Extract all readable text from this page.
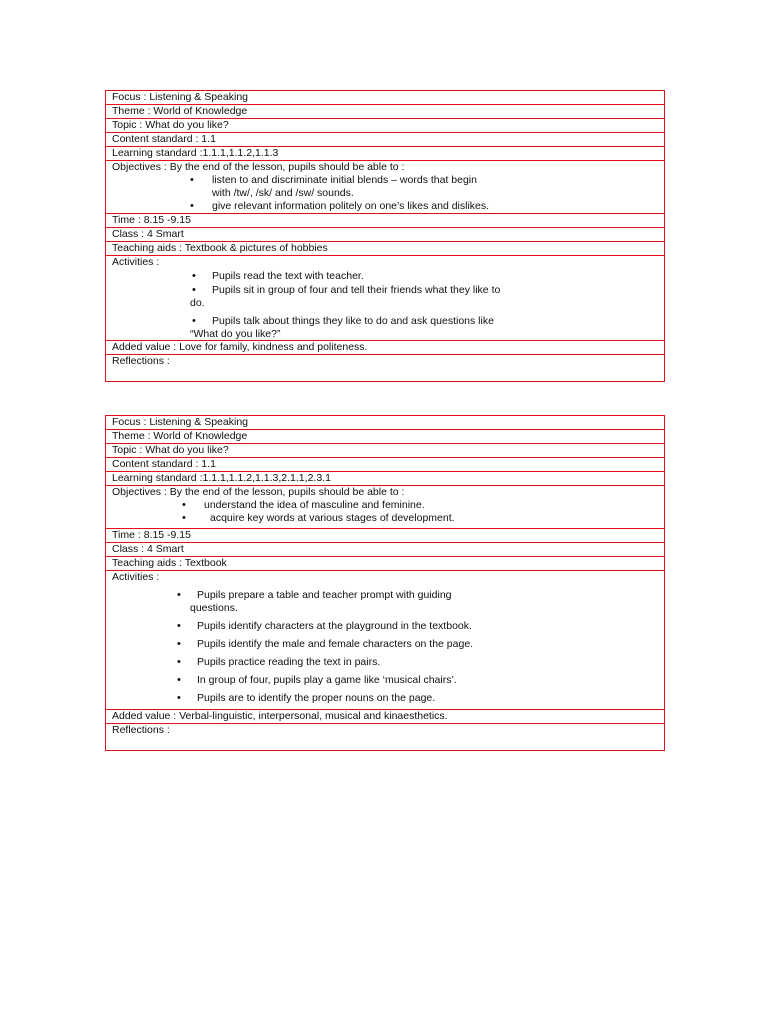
Focus : Listening & Speaking
Theme : World of Knowledge
Topic : What do you like?
Content standard : 1.1
Learning standard :1.1.1,1.1.2,1.1.3
Objectives : By the end of the lesson, pupils should be able to :
• listen to and discriminate initial blends – words that begin
with /tw/, /sk/ and /sw/ sounds.
• give relevant information politely on one’s likes and dislikes.
Time : 8.15 -9.15
Class : 4 Smart
Teaching aids : Textbook & pictures of hobbies
Activities :
• Pupils read the text with teacher.
• Pupils sit in group of four and tell their friends what they like to
do.
• Pupils talk about things they like to do and ask questions like
“What do you like?”
Added value : Love for family, kindness and politeness.
Reflections :
Focus : Listening & Speaking
Theme : World of Knowledge
Topic : What do you like?
Content standard : 1.1
Learning standard :1.1.1,1.1.2,1.1.3,2.1.1,2.3.1
Objectives : By the end of the lesson, pupils should be able to :
• understand the idea of masculine and feminine.
• acquire key words at various stages of development.
Time : 8.15 -9.15
Class : 4 Smart
Teaching aids : Textbook
Activities :
• Pupils prepare a table and teacher prompt with guiding
questions.
• Pupils identify characters at the playground in the textbook.
• Pupils identify the male and female characters on the page.
• Pupils practice reading the text in pairs.
• In group of four, pupils play a game like ‘musical chairs’.
• Pupils are to identify the proper nouns on the page.
Added value : Verbal-linguistic, interpersonal, musical and kinaesthetics.
Reflections :
